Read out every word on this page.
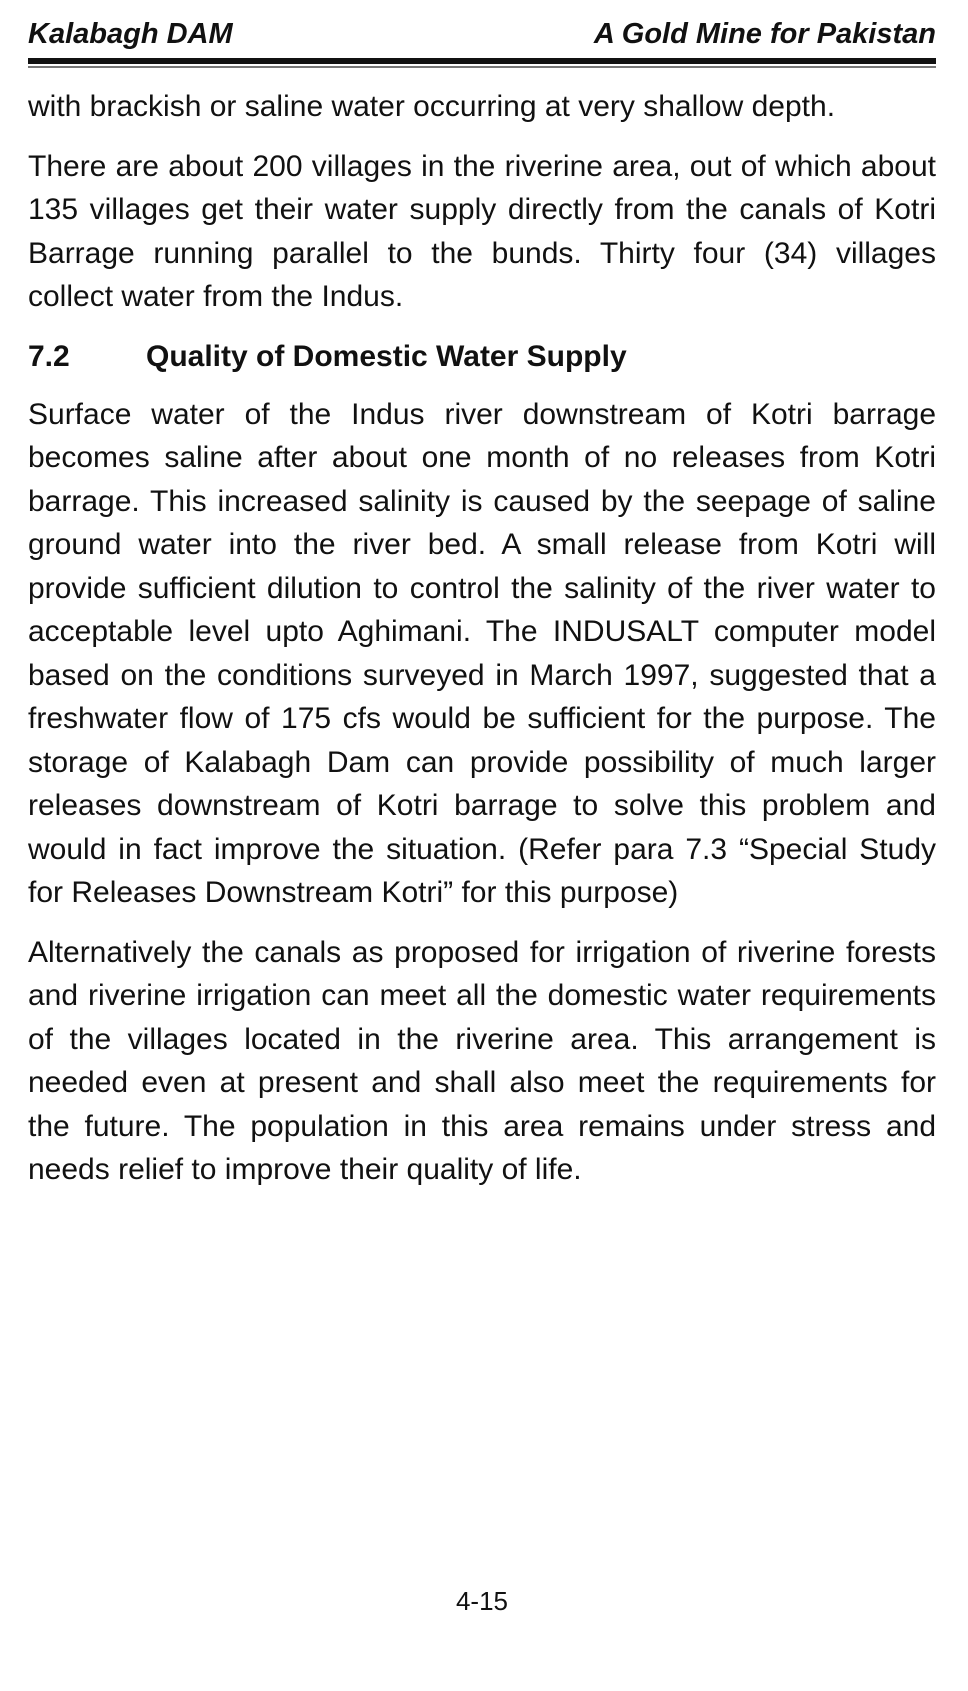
Kalabagh DAM	A Gold Mine for Pakistan

with brackish or saline water occurring at very shallow depth.

There are about 200 villages in the riverine area, out of which about 135 villages get their water supply directly from the canals of Kotri Barrage running parallel to the bunds. Thirty four (34) villages collect water from the Indus.

7.2	Quality of Domestic Water Supply

Surface water of the Indus river downstream of Kotri barrage becomes saline after about one month of no releases from Kotri barrage. This increased salinity is caused by the seepage of saline ground water into the river bed. A small release from Kotri will provide sufficient dilution to control the salinity of the river water to acceptable level upto Aghimani. The INDUSALT computer model based on the conditions surveyed in March 1997, suggested that a freshwater flow of 175 cfs would be sufficient for the purpose. The storage of Kalabagh Dam can provide possibility of much larger releases downstream of Kotri barrage to solve this problem and would in fact improve the situation. (Refer para 7.3 “Special Study for Releases Downstream Kotri” for this purpose)

Alternatively the canals as proposed for irrigation of riverine forests and riverine irrigation can meet all the domestic water requirements of the villages located in the riverine area. This arrangement is needed even at present and shall also meet the requirements for the future. The population in this area remains under stress and needs relief to improve their quality of life.

4-15
